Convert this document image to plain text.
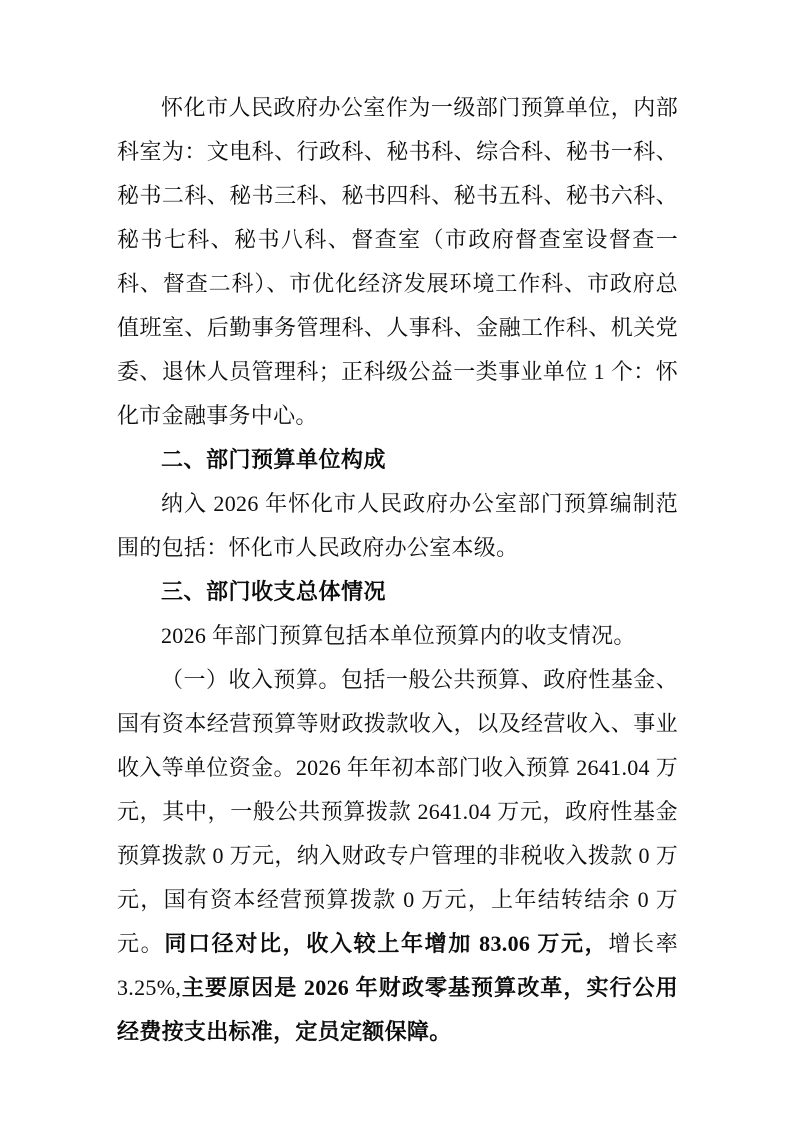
怀化市人民政府办公室作为一级部门预算单位，内部科室为：文电科、行政科、秘书科、综合科、秘书一科、秘书二科、秘书三科、秘书四科、秘书五科、秘书六科、秘书七科、秘书八科、督查室（市政府督查室设督查一科、督查二科）、市优化经济发展环境工作科、市政府总值班室、后勤事务管理科、人事科、金融工作科、机关党委、退休人员管理科；正科级公益一类事业单位 1 个：怀化市金融事务中心。

二、部门预算单位构成

纳入 2026 年怀化市人民政府办公室部门预算编制范围的包括：怀化市人民政府办公室本级。

三、部门收支总体情况

2026 年部门预算包括本单位预算内的收支情况。

（一）收入预算。包括一般公共预算、政府性基金、国有资本经营预算等财政拨款收入，以及经营收入、事业收入等单位资金。2026 年年初本部门收入预算 2641.04 万元，其中，一般公共预算拨款 2641.04 万元，政府性基金预算拨款 0 万元，纳入财政专户管理的非税收入拨款 0 万元，国有资本经营预算拨款 0 万元，上年结转结余 0 万元。同口径对比，收入较上年增加 83.06 万元，增长率 3.25%,主要原因是 2026 年财政零基预算改革，实行公用经费按支出标准，定员定额保障。
